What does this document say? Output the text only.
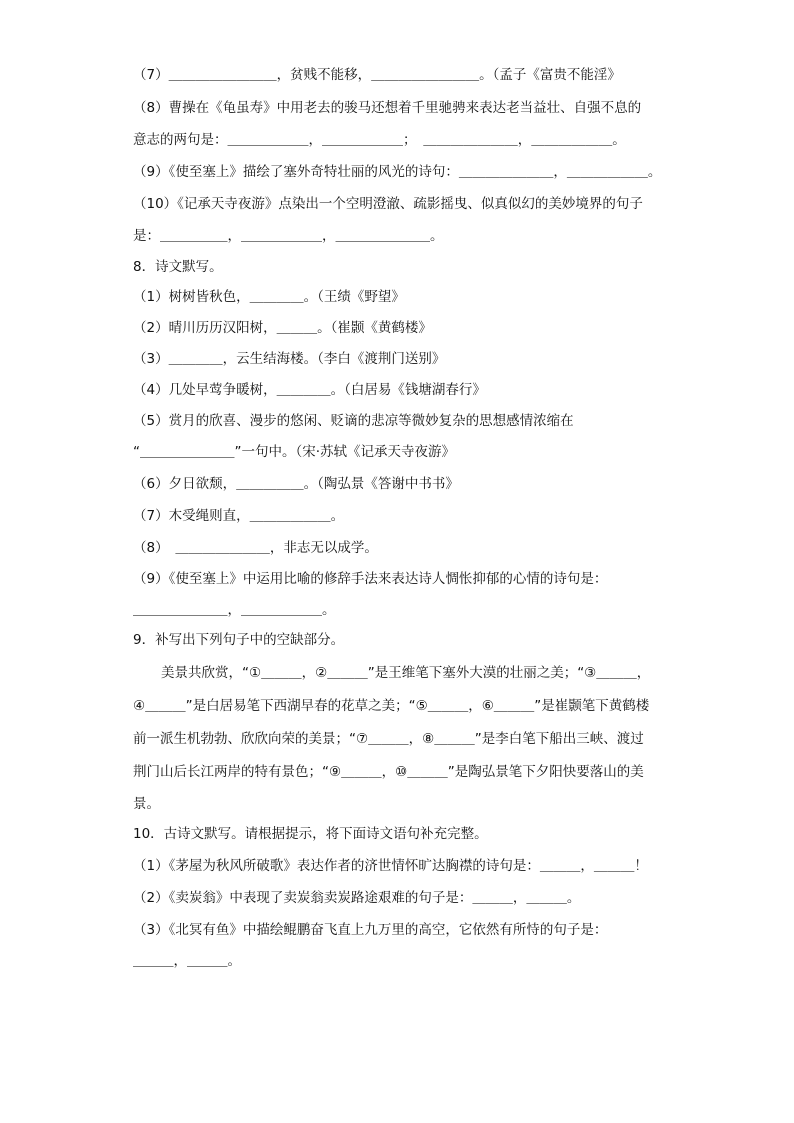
（7）＿＿＿＿＿＿＿＿，贫贱不能移，＿＿＿＿＿＿＿＿。（孟子《富贵不能淫》
（8）曹操在《龟虽寿》中用老去的骏马还想着千里驰骋来表达老当益壮、自强不息的
意志的两句是：＿＿＿＿＿＿，＿＿＿＿＿＿；　＿＿＿＿＿＿＿，＿＿＿＿＿＿。
（9）《使至塞上》描绘了塞外奇特壮丽的风光的诗句：＿＿＿＿＿＿＿，＿＿＿＿＿＿。
（10）《记承天寺夜游》点染出一个空明澄澈、疏影摇曳、似真似幻的美妙境界的句子
是：＿＿＿＿＿，＿＿＿＿＿＿，＿＿＿＿＿＿＿。
8．诗文默写。
（1）树树皆秋色，＿＿＿＿。（王绩《野望》
（2）晴川历历汉阳树，＿＿＿。（崔颢《黄鹤楼》
（3）＿＿＿＿，云生结海楼。（李白《渡荆门送别》
（4）几处早莺争暖树，＿＿＿＿。（白居易《钱塘湖春行》
（5）赏月的欣喜、漫步的悠闲、贬谪的悲凉等微妙复杂的思想感情浓缩在
“＿＿＿＿＿＿＿”一句中。（宋·苏轼《记承天寺夜游》
（6）夕日欲颓，＿＿＿＿＿。（陶弘景《答谢中书书》
（7）木受绳则直，＿＿＿＿＿＿。
（8）　＿＿＿＿＿＿＿，非志无以成学。
（9）《使至塞上》中运用比喻的修辞手法来表达诗人惆怅抑郁的心情的诗句是：
＿＿＿＿＿＿＿，＿＿＿＿＿＿。
9．补写出下列句子中的空缺部分。
美景共欣赏，“①＿＿＿，②＿＿＿”是王维笔下塞外大漠的壮丽之美；“③＿＿＿，
④＿＿＿”是白居易笔下西湖早春的花草之美；“⑤＿＿＿，⑥＿＿＿”是崔颢笔下黄鹤楼
前一派生机勃勃、欣欣向荣的美景；“⑦＿＿＿，⑧＿＿＿”是李白笔下船出三峡、渡过
荆门山后长江两岸的特有景色；“⑨＿＿＿，⑩＿＿＿”是陶弘景笔下夕阳快要落山的美
景。
10．古诗文默写。请根据提示，将下面诗文语句补充完整。
（1）《茅屋为秋风所破歌》表达作者的济世情怀旷达胸襟的诗句是：＿＿＿，＿＿＿！
（2）《卖炭翁》中表现了卖炭翁卖炭路途艰难的句子是：＿＿＿，＿＿＿。
（3）《北冥有鱼》中描绘鲲鹏奋飞直上九万里的高空，它依然有所恃的句子是：
＿＿＿，＿＿＿。
